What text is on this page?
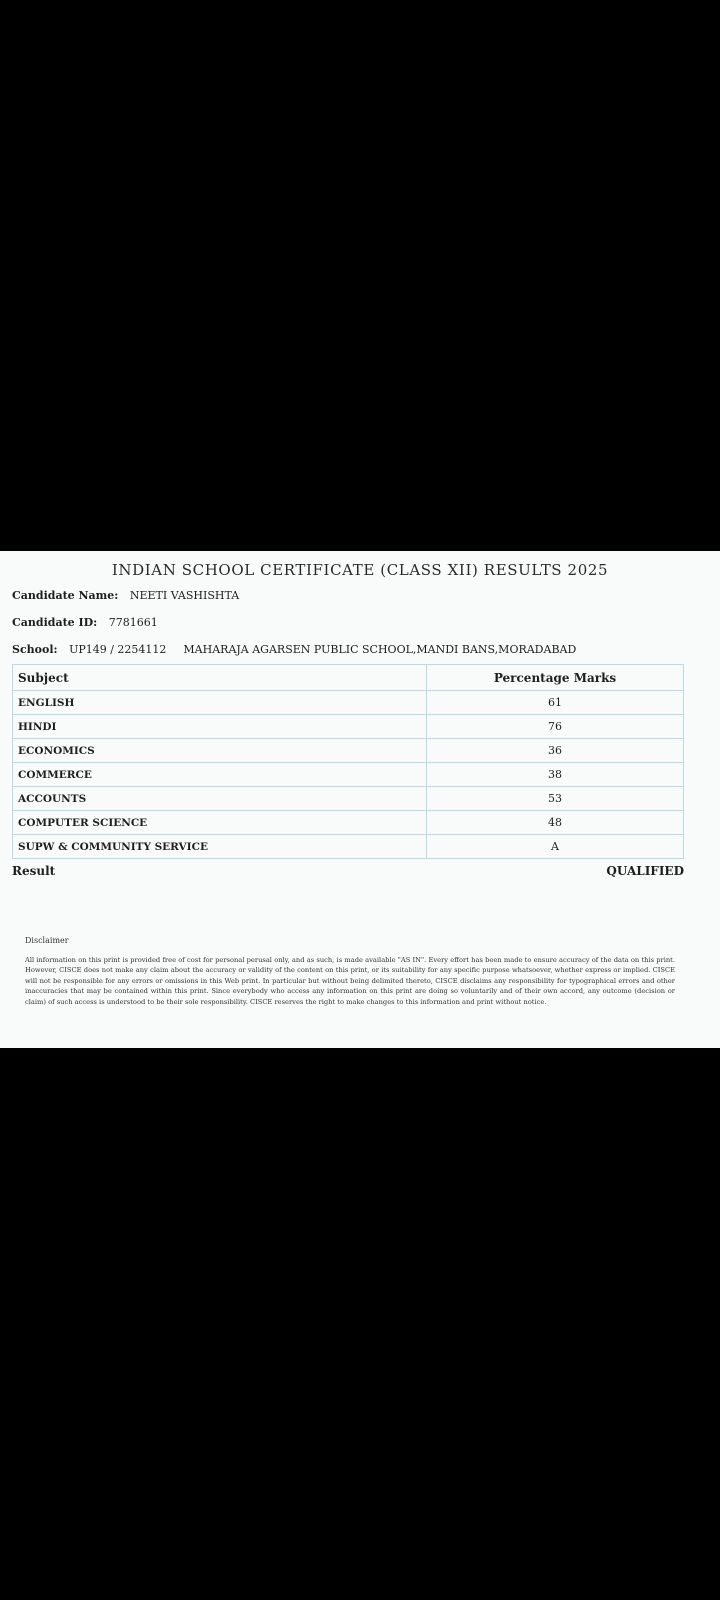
INDIAN SCHOOL CERTIFICATE (CLASS XII) RESULTS 2025
Candidate Name: NEETI VASHISHTA
Candidate ID: 7781661
School: UP149 / 2254112 MAHARAJA AGARSEN PUBLIC SCHOOL,MANDI BANS,MORADABAD
Subject	Percentage Marks
ENGLISH	61
HINDI	76
ECONOMICS	36
COMMERCE	38
ACCOUNTS	53
COMPUTER SCIENCE	48
SUPW & COMMUNITY SERVICE	A
Result	QUALIFIED
Disclaimer

All information on this print is provided free of cost for personal perusal only, and as such, is made available "AS IN". Every effort has been made to ensure accuracy of the data on this print. However, CISCE does not make any claim about the accuracy or validity of the content on this print, or its suitability for any specific purpose whatsoever, whether express or implied. CISCE will not be responsible for any errors or omissions in this Web print. In particular but without being delimited thereto, CISCE disclaims any responsibility for typographical errors and other inaccuracies that may be contained within this print. Since everybody who access any information on this print are doing so voluntarily and of their own accord, any outcome (decision or claim) of such access is understood to be their sole responsibility. CISCE reserves the right to make changes to this information and print without notice.
